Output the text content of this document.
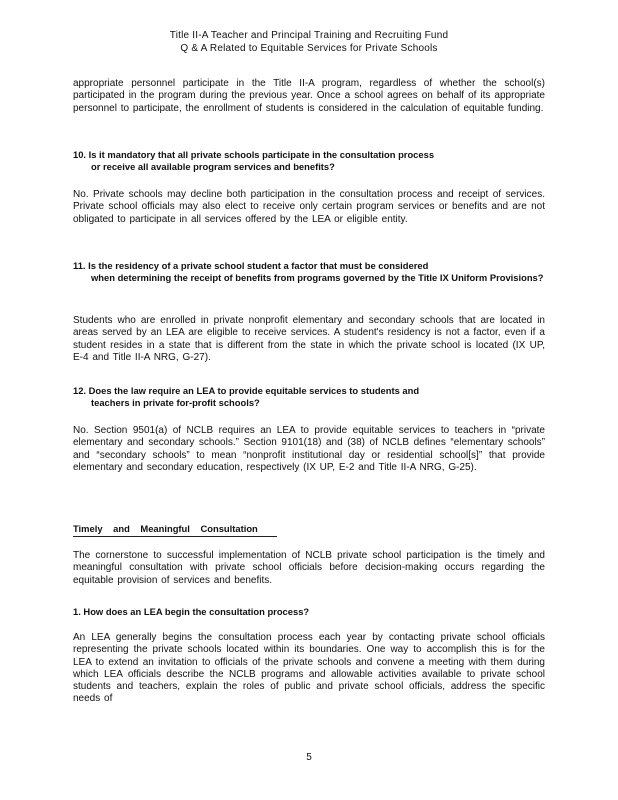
Title II-A Teacher and Principal Training and Recruiting Fund
Q & A Related to Equitable Services for Private Schools

appropriate personnel participate in the Title II-A program, regardless of whether the school(s) participated in the program during the previous year. Once a school agrees on behalf of its appropriate personnel to participate, the enrollment of students is considered in the calculation of equitable funding.

10. Is it mandatory that all private schools participate in the consultation process
or receive all available program services and benefits?

No. Private schools may decline both participation in the consultation process and receipt of services. Private school officials may also elect to receive only certain program services or benefits and are not obligated to participate in all services offered by the LEA or eligible entity.

11. Is the residency of a private school student a factor that must be considered
when determining the receipt of benefits from programs governed by the Title IX Uniform Provisions?

Students who are enrolled in private nonprofit elementary and secondary schools that are located in areas served by an LEA are eligible to receive services. A student's residency is not a factor, even if a student resides in a state that is different from the state in which the private school is located (IX UP, E-4 and Title II-A NRG, G-27).

12. Does the law require an LEA to provide equitable services to students and
teachers in private for-profit schools?

No. Section 9501(a) of NCLB requires an LEA to provide equitable services to teachers in “private elementary and secondary schools.” Section 9101(18) and (38) of NCLB defines “elementary schools” and “secondary schools” to mean “nonprofit institutional day or residential school[s]” that provide elementary and secondary education, respectively (IX UP, E-2 and Title II-A NRG, G-25).

Timely and Meaningful Consultation

The cornerstone to successful implementation of NCLB private school participation is the timely and meaningful consultation with private school officials before decision-making occurs regarding the equitable provision of services and benefits.

1. How does an LEA begin the consultation process?

An LEA generally begins the consultation process each year by contacting private school officials representing the private schools located within its boundaries. One way to accomplish this is for the LEA to extend an invitation to officials of the private schools and convene a meeting with them during which LEA officials describe the NCLB programs and allowable activities available to private school students and teachers, explain the roles of public and private school officials, address the specific needs of

5
